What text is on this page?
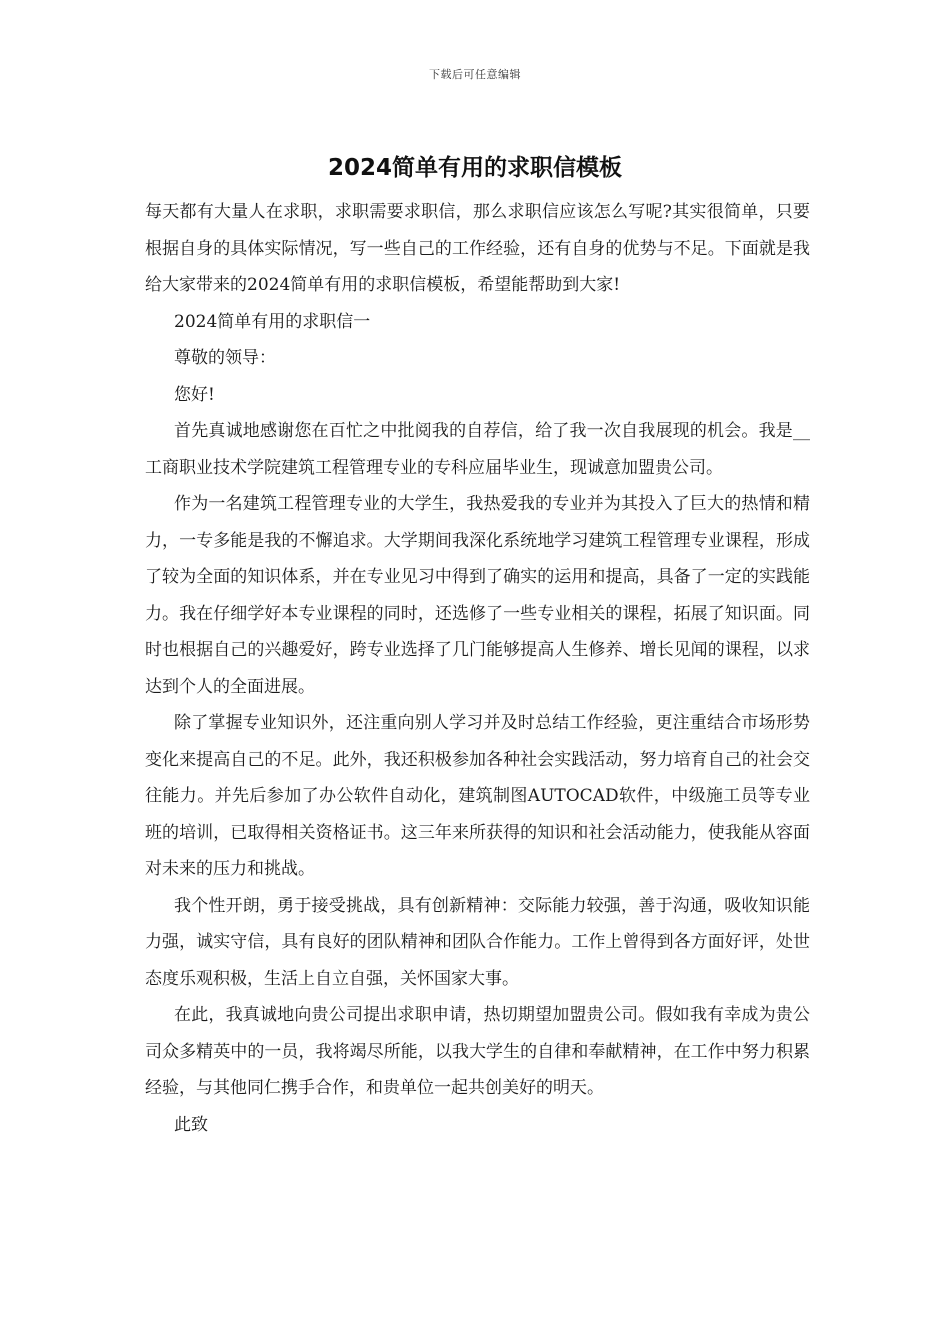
下载后可任意编辑
2024简单有用的求职信模板

每天都有大量人在求职，求职需要求职信，那么求职信应该怎么写呢?其实很简单，只要根据自身的具体实际情况，写一些自己的工作经验，还有自身的优势与不足。下面就是我给大家带来的2024简单有用的求职信模板，希望能帮助到大家!

2024简单有用的求职信一

尊敬的领导：

您好!

首先真诚地感谢您在百忙之中批阅我的自荐信，给了我一次自我展现的机会。我是__工商职业技术学院建筑工程管理专业的专科应届毕业生，现诚意加盟贵公司。

作为一名建筑工程管理专业的大学生，我热爱我的专业并为其投入了巨大的热情和精力，一专多能是我的不懈追求。大学期间我深化系统地学习建筑工程管理专业课程，形成了较为全面的知识体系，并在专业见习中得到了确实的运用和提高，具备了一定的实践能力。我在仔细学好本专业课程的同时，还选修了一些专业相关的课程，拓展了知识面。同时也根据自己的兴趣爱好，跨专业选择了几门能够提高人生修养、增长见闻的课程，以求达到个人的全面进展。

除了掌握专业知识外，还注重向别人学习并及时总结工作经验，更注重结合市场形势变化来提高自己的不足。此外，我还积极参加各种社会实践活动，努力培育自己的社会交往能力。并先后参加了办公软件自动化，建筑制图AUTOCAD软件，中级施工员等专业班的培训，已取得相关资格证书。这三年来所获得的知识和社会活动能力，使我能从容面对未来的压力和挑战。

我个性开朗，勇于接受挑战，具有创新精神：交际能力较强，善于沟通，吸收知识能力强，诚实守信，具有良好的团队精神和团队合作能力。工作上曾得到各方面好评，处世态度乐观积极，生活上自立自强，关怀国家大事。

在此，我真诚地向贵公司提出求职申请，热切期望加盟贵公司。假如我有幸成为贵公司众多精英中的一员，我将竭尽所能，以我大学生的自律和奉献精神，在工作中努力积累经验，与其他同仁携手合作，和贵单位一起共创美好的明天。

此致
